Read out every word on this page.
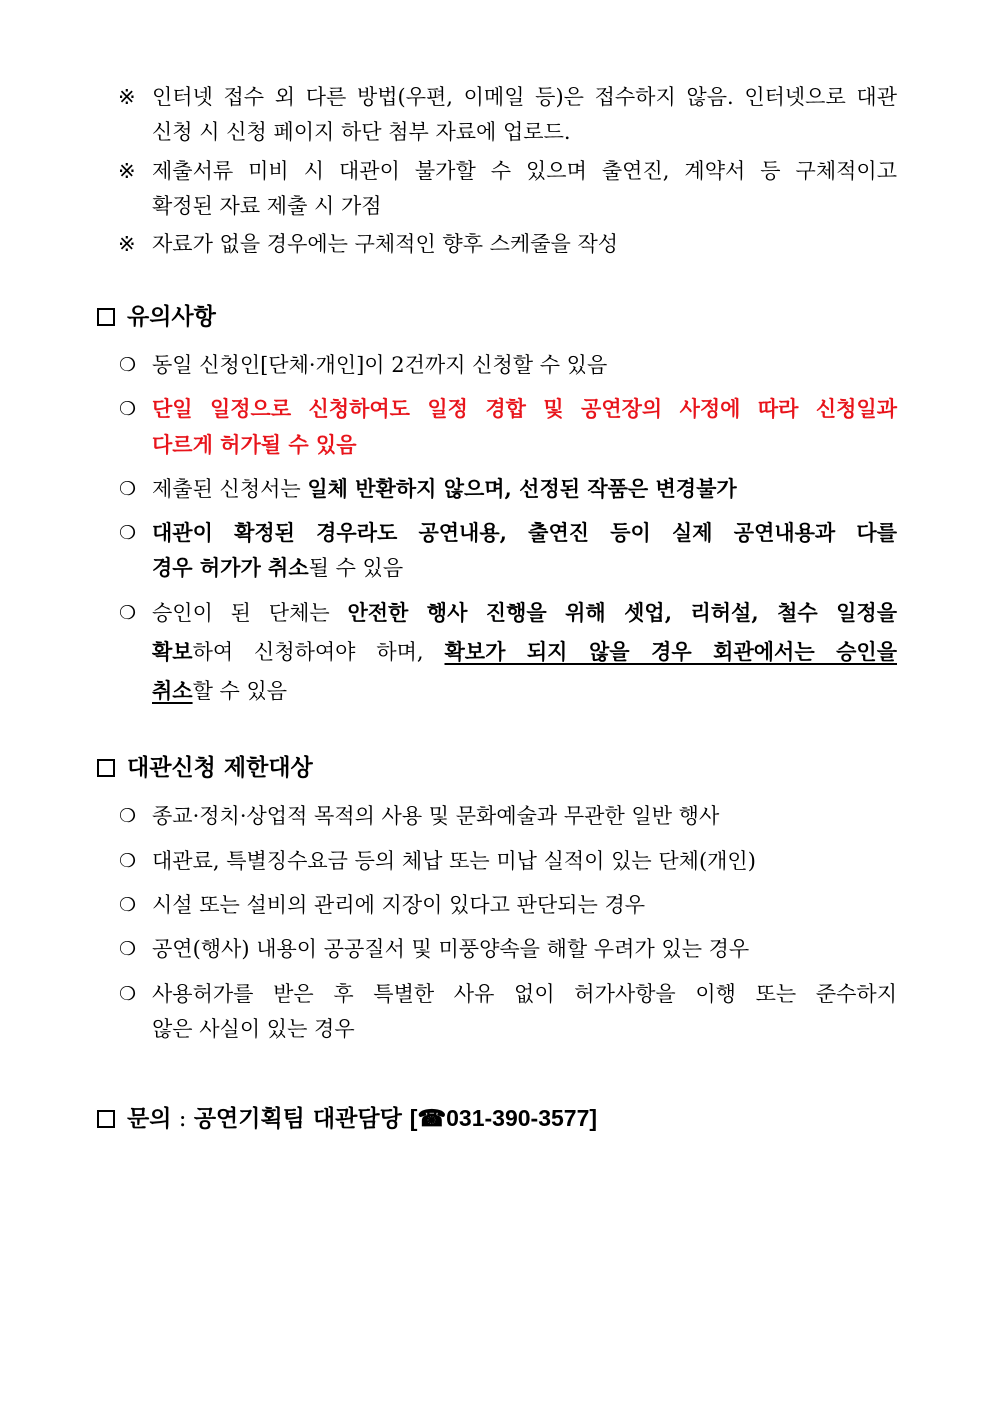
※ 인터넷 접수 외 다른 방법(우편, 이메일 등)은 접수하지 않음. 인터넷으로 대관
신청 시 신청 페이지 하단 첨부 자료에 업로드.
※ 제출서류 미비 시 대관이 불가할 수 있으며 출연진, 계약서 등 구체적이고
확정된 자료 제출 시 가점
※ 자료가 없을 경우에는 구체적인 향후 스케줄을 작성
유의사항
❍ 동일 신청인[단체·개인]이 2건까지 신청할 수 있음
❍ 단일 일정으로 신청하여도 일정 경합 및 공연장의 사정에 따라 신청일과
다르게 허가될 수 있음
❍ 제출된 신청서는 일체 반환하지 않으며, 선정된 작품은 변경불가
❍ 대관이 확정된 경우라도 공연내용, 출연진 등이 실제 공연내용과 다를
경우 허가가 취소될 수 있음
❍ 승인이 된 단체는 안전한 행사 진행을 위해 셋업, 리허설, 철수 일정을
확보하여 신청하여야 하며, 확보가 되지 않을 경우 회관에서는 승인을
취소할 수 있음
대관신청 제한대상
❍ 종교·정치·상업적 목적의 사용 및 문화예술과 무관한 일반 행사
❍ 대관료, 특별징수요금 등의 체납 또는 미납 실적이 있는 단체(개인)
❍ 시설 또는 설비의 관리에 지장이 있다고 판단되는 경우
❍ 공연(행사) 내용이 공공질서 및 미풍양속을 해할 우려가 있는 경우
❍ 사용허가를 받은 후 특별한 사유 없이 허가사항을 이행 또는 준수하지
않은 사실이 있는 경우
문의 : 공연기획팀 대관담당 [☎031-390-3577]
